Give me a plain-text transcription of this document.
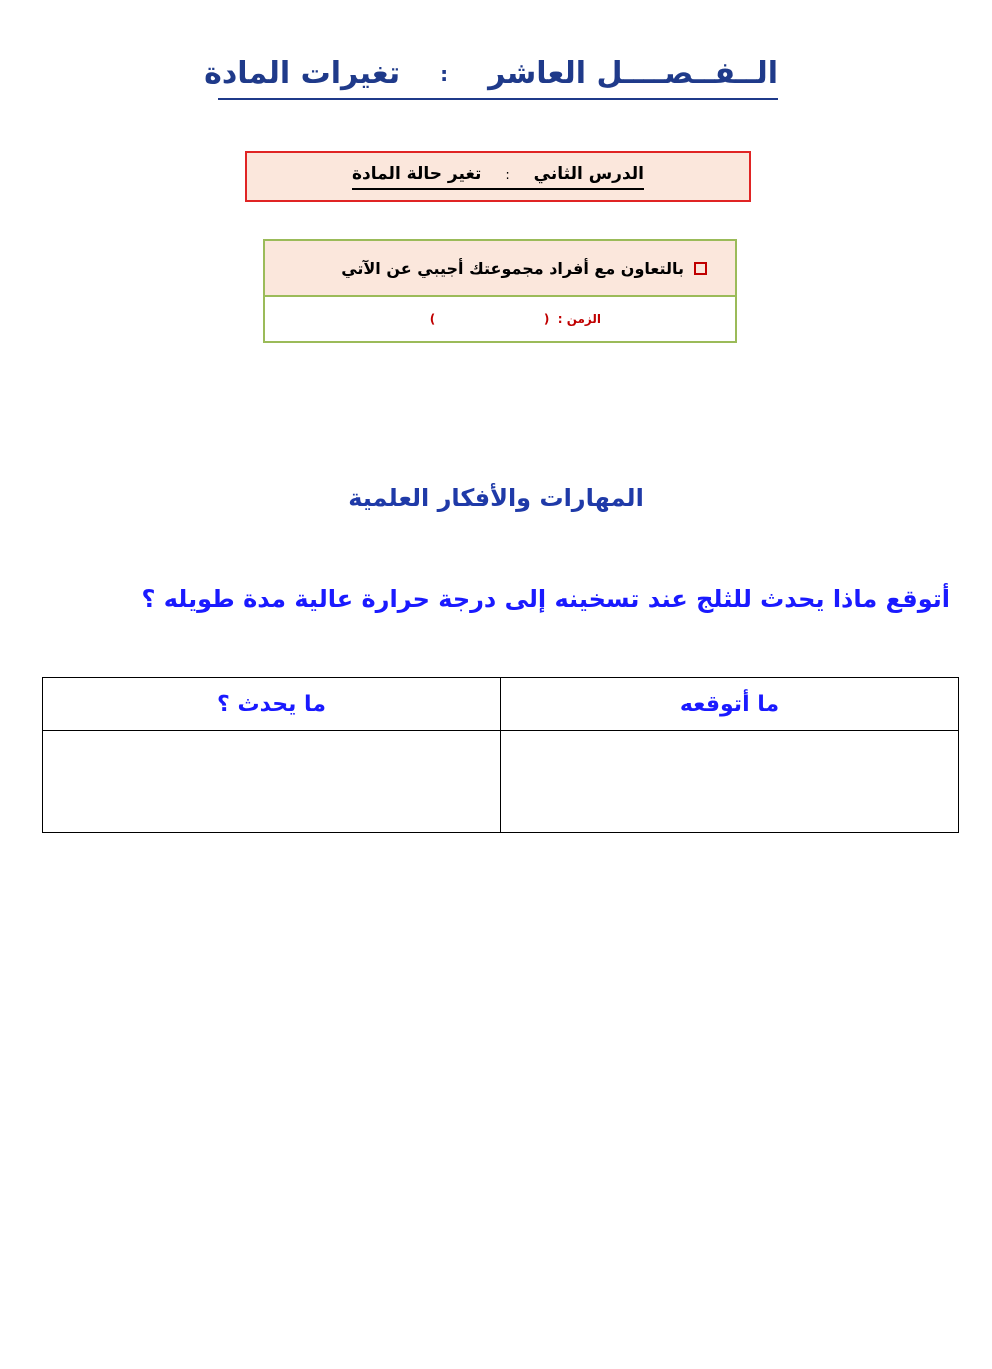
الــفــصــــل العاشر
:
تغيرات المادة
الدرس الثاني : تغير حالة المادة
بالتعاون مع أفراد مجموعتك أجيبي عن الآتي
الزمن :  (                          )
المهارات والأفكار العلمية
أتوقع ماذا يحدث للثلج عند تسخينه إلى درجة حرارة عالية مدة طويله ؟
ما أتوقعه	ما يحدث ؟
